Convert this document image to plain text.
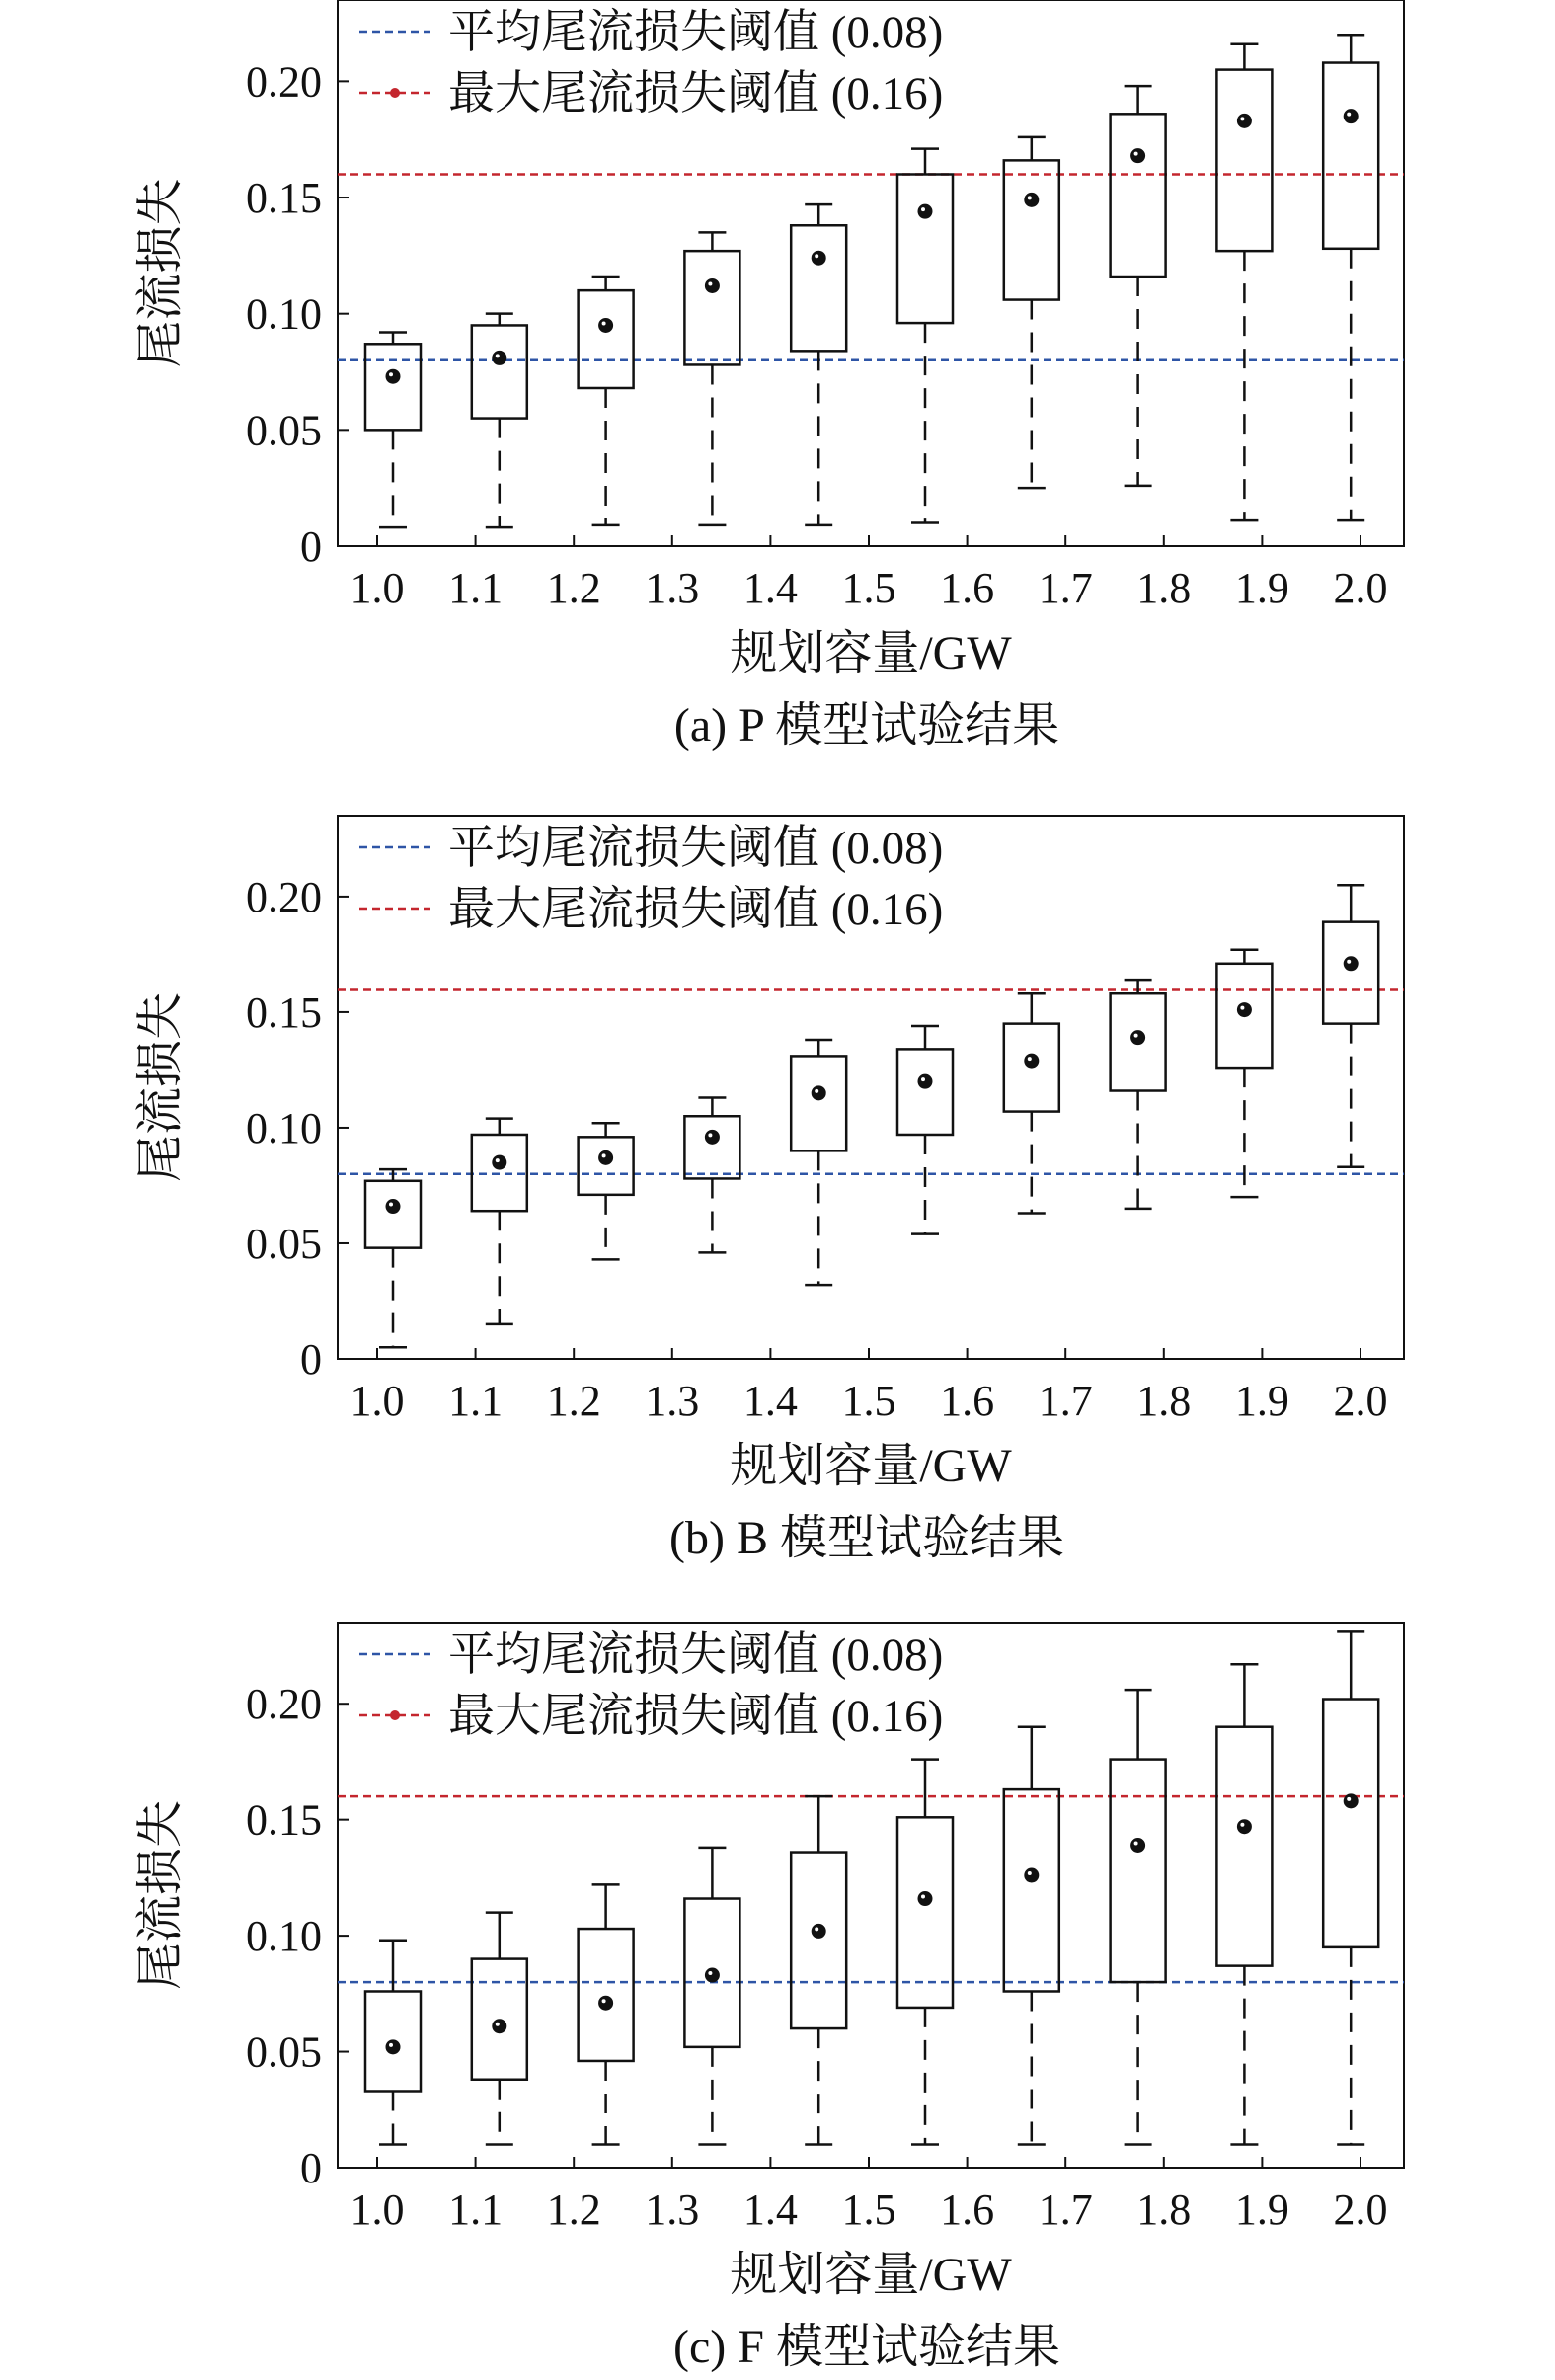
0
0.05
0.10
0.15
0.20
1.0 1.1 1.2 1.3 1.4 1.5 1.6 1.7 1.8 1.9 2.0
规划容量/GW
尾流损失
平均尾流损失阈值 (0.08)
最大尾流损失阈值 (0.16)
(a) P 模型试验结果
0
0.05
0.10
0.15
0.20
1.0 1.1 1.2 1.3 1.4 1.5 1.6 1.7 1.8 1.9 2.0
规划容量/GW
尾流损失
平均尾流损失阈值 (0.08)
最大尾流损失阈值 (0.16)
(b) B 模型试验结果
0
0.05
0.10
0.15
0.20
1.0 1.1 1.2 1.3 1.4 1.5 1.6 1.7 1.8 1.9 2.0
规划容量/GW
尾流损失
平均尾流损失阈值 (0.08)
最大尾流损失阈值 (0.16)
(c) F 模型试验结果
